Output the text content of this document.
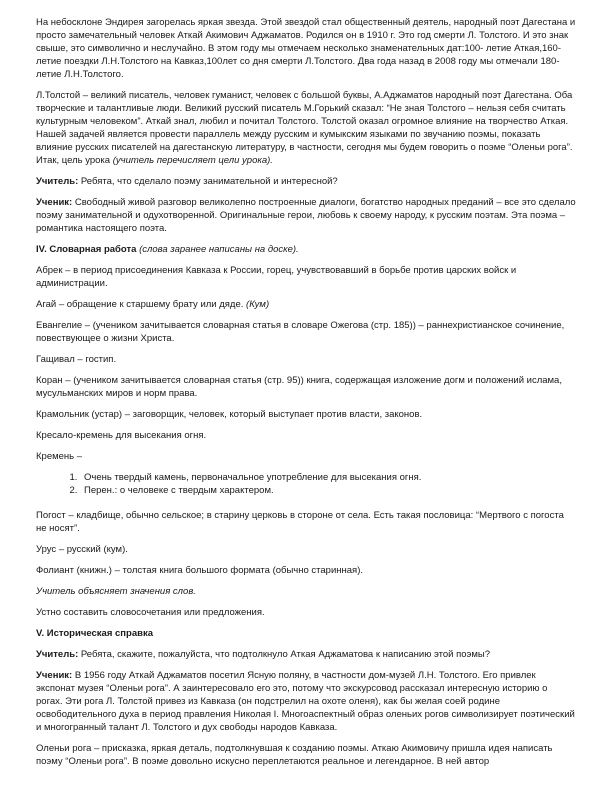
На небосклоне Эндирея загорелась яркая звезда. Этой звездой стал общественный деятель, народный поэт Дагестана и просто замечательный человек Аткай Акимович Аджаматов. Родился он в 1910 г. Это год смерти Л. Толстого. И это знак свыше, это символично и неслучайно. В этом году мы отмечаем несколько знаменательных дат:100- летие Аткая,160-летие поездки Л.Н.Толстого на Кавказ,100лет со дня смерти Л.Толстого. Два года назад в 2008 году мы отмечали 180-летие Л.Н.Толстого.

Л.Толстой – великий писатель, человек гуманист, человек с большой буквы, А.Аджаматов народный поэт Дагестана. Оба творческие и талантливые люди. Великий русский писатель М.Горький сказал: “Не зная Толстого – нельзя себя считать культурным человеком”. Аткай знал, любил и почитал Толстого. Толстой оказал огромное влияние на творчество Аткая. Нашей задачей является провести параллель между русским и кумыкским языками по звучанию поэмы, показать влияние русских писателей на дагестанскую литературу, в частности, сегодня мы будем говорить о поэме “Оленьи рога”. Итак, цель урока (учитель перечисляет цели урока).

Учитель: Ребята, что сделало поэму занимательной и интересной?

Ученик: Свободный живой разговор великолепно построенные диалоги, богатство народных преданий – все это сделало поэму занимательной и одухотворенной. Оригинальные герои, любовь к своему народу, к русским поэтам. Эта поэма – романтика настоящего поэта.

IV. Словарная работа (слова заранее написаны на доске).

Абрек – в период присоединения Кавказа к России, горец, учувствовавший в борьбе против царских войск и администрации.

Агай – обращение к старшему брату или дяде. (Кум)

Евангелие – (учеником зачитывается словарная статья в словаре Ожегова (стр. 185)) – раннехристианское сочинение, повествующее о жизни Христа.

Гащивал – гостип.

Коран – (учеником зачитывается словарная статья (стр. 95)) книга, содержащая изложение догм и положений ислама, мусульманских миров и норм права.

Крамольник (устар) – заговорщик, человек, который выступает против власти, законов.

Кресало-кремень для высекания огня.

Кремень –

1. Очень твердый камень, первоначальное употребление для высекания огня.
2. Перен.: о человеке с твердым характером.

Погост – кладбище, обычно сельское; в старину церковь в стороне от села. Есть такая пословица: “Мертвого с погоста не носят”.

Урус – русский (кум).

Фолиант (книжн.) – толстая книга большого формата (обычно старинная).

Учитель объясняет значения слов.

Устно составить словосочетания или предложения.

V. Историческая справка

Учитель: Ребята, скажите, пожалуйста, что подтолкнуло Аткая Аджаматова к написанию этой поэмы?

Ученик: В 1956 году Аткай Аджаматов посетил Ясную поляну, в частности дом-музей Л.Н. Толстого. Его привлек экспонат музея “Оленьи рога”. А заинтересовало его это, потому что экскурсовод рассказал интересную историю о рогах. Эти рога Л. Толстой привез из Кавказа (он подстрелил на охоте оленя), как бы желая соей родине освободительного духа в период правления Николая I. Многоаспектный образ оленьих рогов символизирует поэтический и многогранный талант Л. Толстого и дух свободы народов Кавказа.

Оленьи рога – присказка, яркая деталь, подтолкнувшая к созданию поэмы. Аткаю Акимовичу пришла идея написать поэму “Оленьи рога”. В поэме довольно искусно переплетаются реальное и легендарное. В ней автор
